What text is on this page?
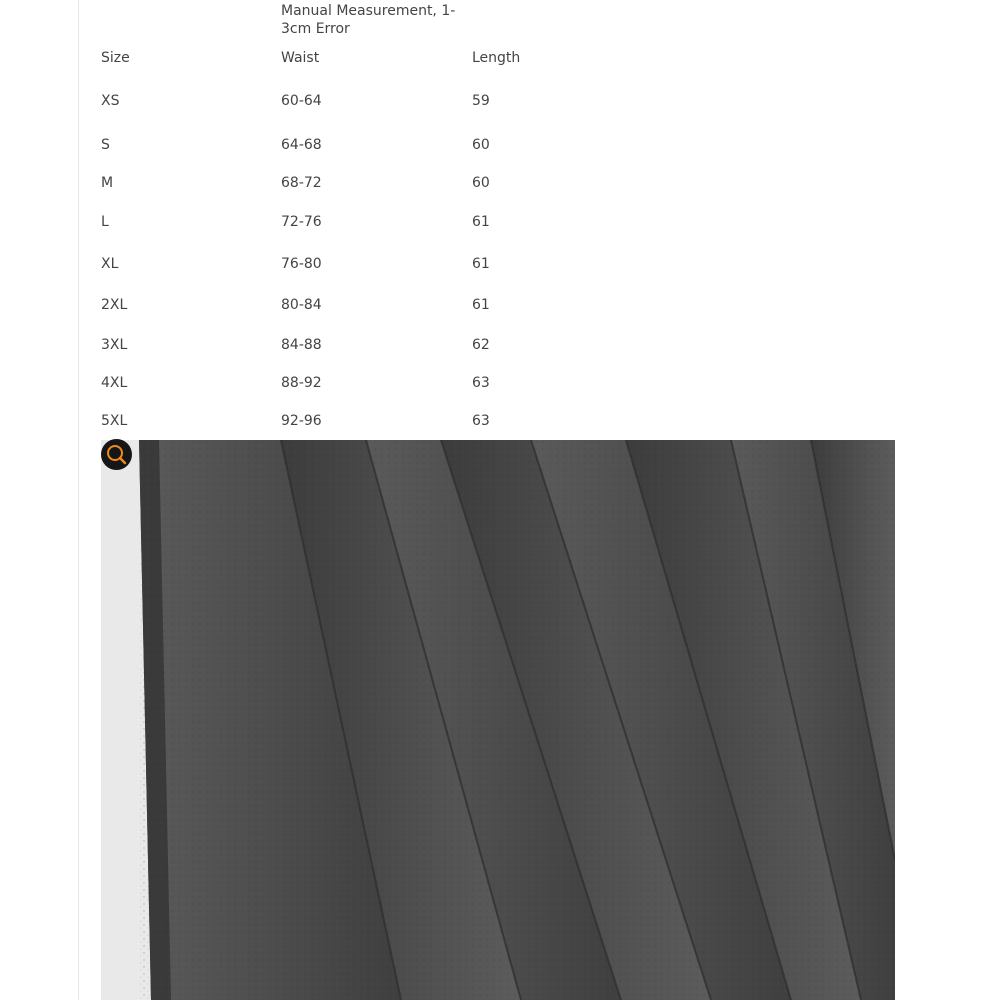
Manual Measurement, 1-3cm Error
Size	Waist	Length
XS	60-64	59
S	64-68	60
M	68-72	60
L	72-76	61
XL	76-80	61
2XL	80-84	61
3XL	84-88	62
4XL	88-92	63
5XL	92-96	63
